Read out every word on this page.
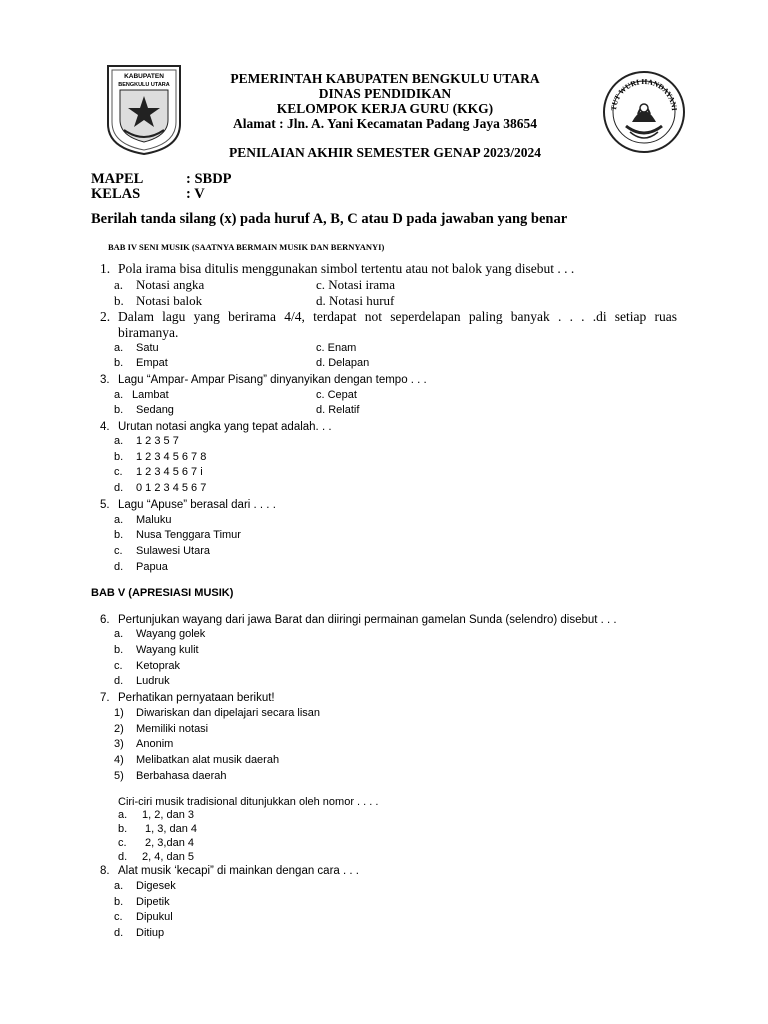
KABUPATEN
BENGKULU UTARA	PEMERINTAH KABUPATEN BENGKULU UTARA
DINAS PENDIDIKAN
KELOMPOK KERJA GURU (KKG)
Alamat : Jln. A. Yani Kecamatan Padang Jaya 38654
TUT WURI HANDAYANI
PENILAIAN AKHIR SEMESTER GENAP 2023/2024
MAPEL	: SBDP
KELAS	: V
Berilah tanda silang (x) pada huruf A, B, C atau D pada jawaban yang benar
BAB IV SENI MUSIK (SAATNYA BERMAIN MUSIK DAN BERNYANYI)
1. Pola irama bisa ditulis menggunakan simbol tertentu atau not balok yang disebut . . .
a. Notasi angka	c. Notasi irama
b. Notasi balok	d. Notasi huruf
2. Dalam lagu yang berirama 4/4, terdapat not seperdelapan paling banyak . . . .di setiap ruas
biramanya.
a. Satu	c. Enam
b. Empat	d. Delapan
3. Lagu “Ampar- Ampar Pisang” dinyanyikan dengan tempo . . .
a. Lambat	c. Cepat
b. Sedang	d. Relatif
4. Urutan notasi angka yang tepat adalah. . .
a. 1 2 3 5 7
b. 1 2 3 4 5 6 7 8
c. 1 2 3 4 5 6 7 i
d. 0 1 2 3 4 5 6 7
5. Lagu “Apuse” berasal dari . . . .
a. Maluku
b. Nusa Tenggara Timur
c. Sulawesi Utara
d. Papua
BAB V (APRESIASI MUSIK)
6. Pertunjukan wayang dari jawa Barat dan diiringi permainan gamelan Sunda (selendro) disebut . . .
a. Wayang golek
b. Wayang kulit
c. Ketoprak
d. Ludruk
7. Perhatikan pernyataan berikut!
1) Diwariskan dan dipelajari secara lisan
2) Memiliki notasi
3) Anonim
4) Melibatkan alat musik daerah
5) Berbahasa daerah
Ciri-ciri musik tradisional ditunjukkan oleh nomor . . . .
a. 1, 2, dan 3
b. 1, 3, dan 4
c. 2, 3,dan 4
d. 2, 4, dan 5
8. Alat musik ‘kecapi” di mainkan dengan cara . . .
a. Digesek
b. Dipetik
c. Dipukul
d. Ditiup
